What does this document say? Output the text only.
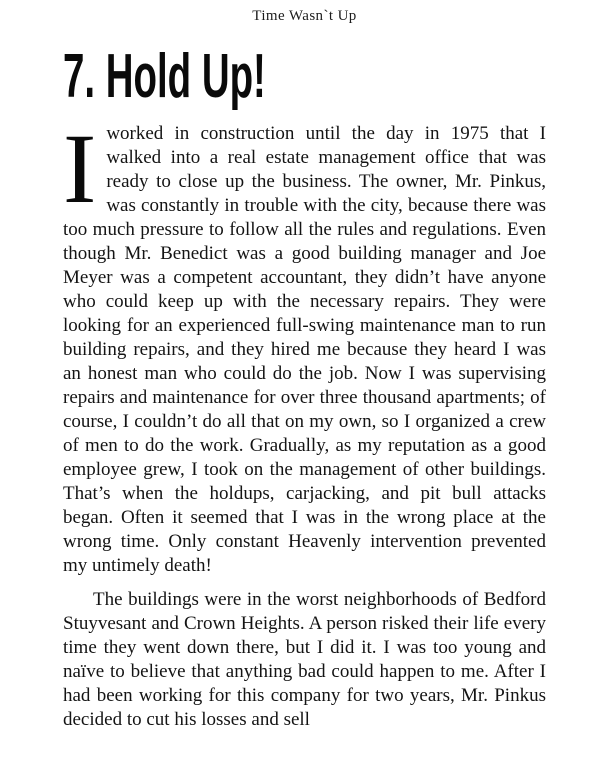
Time Wasn`t Up
7. Hold Up!

Iworked in construction until the day in 1975 that I walked into a real estate management office that was ready to close up the business. The owner, Mr. Pinkus, was constantly in trouble with the city, because there was too much pressure to follow all the rules and regulations. Even though Mr. Benedict was a good building manager and Joe Meyer was a competent accountant, they didn’t have anyone who could keep up with the necessary repairs. They were looking for an experienced full-swing maintenance man to run building repairs, and they hired me because they heard I was an honest man who could do the job. Now I was supervising repairs and maintenance for over three thousand apartments; of course, I couldn’t do all that on my own, so I organized a crew of men to do the work. Gradually, as my reputation as a good employee grew, I took on the management of other buildings. That’s when the holdups, carjacking, and pit bull attacks began. Often it seemed that I was in the wrong place at the wrong time. Only constant Heavenly intervention prevented my untimely death!

The buildings were in the worst neighborhoods of Bedford Stuyvesant and Crown Heights. A person risked their life every time they went down there, but I did it. I was too young and naïve to believe that anything bad could happen to me. After I had been working for this company for two years, Mr. Pinkus decided to cut his losses and sell
